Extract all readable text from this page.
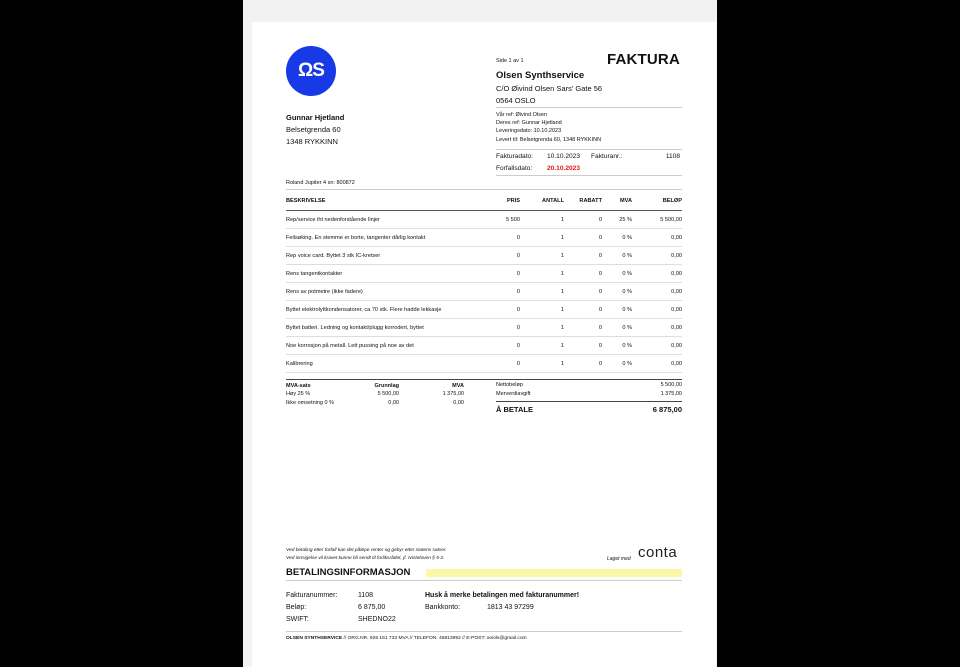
ΩS	Side 1 av 1	FAKTURA
Olsen Synthservice
C/O Øivind Olsen Sars' Gate 56
0564 OSLO
Vår ref: Øivind Olsen
Deres ref: Gunnar Hjetland
Leveringsdato: 10.10.2023
Levert til: Belsetgrenda 60, 1348 RYKKINN
Fakturadato: 10.10.2023 Fakturanr.:	1108
Forfallsdato: 20.10.2023
Gunnar Hjetland
Belsetgrenda 60
1348 RYKKINN
Roland Jupiter 4 sn: 800872
BESKRIVELSE	PRIS	ANTALL	RABATT	MVA	BELØP
Rep/service iht nedenforstående linjer	5 500	1	0	25 %	5 500,00
Feilsøking. En stemme er borte, tangenter dårlig kontakt	0	1	0	0 %	0,00
Rep voice card. Byttet 3 stk IC-kretser	0	1	0	0 %	0,00
Rens tangentkontakter	0	1	0	0 %	0,00
Rens av potmetre (ikke fadere)	0	1	0	0 %	0,00
Byttet elektrolyttkondensatorer, ca 70 stk. Flere hadde lekkasje	0	1	0	0 %	0,00
Byttet batteri. Ledning og kontakt/plugg korrodert, byttet	0	1	0	0 %	0,00
Noe korrosjon på metall. Lett pussing på noe av det	0	1	0	0 %	0,00
Kalibrering	0	1	0	0 %	0,00
MVA-sats	Grunnlag	MVA
Høy 25 %	5 500,00	1 375,00
Ikke omsetning 0 %	0,00	0,00
Nettobeløp	5 500,00
Merverdiavgift	1 375,00
Å BETALE	6 875,00
Ved betaling etter forfall kan det påløpe renter og gebyr etter statens satser.
Ved innsigelse vil kravet kunne bli sendt til forliksrådet, jf. tvisteloven § 5-2.	Laget med conta
BETALINGSINFORMASJON
Fakturanummer:	1108
Beløp:	6 875,00
SWIFT:	SHEDNO22
Husk å merke betalingen med fakturanummer!
Bankkonto:	1813 43 97299
OLSEN SYNTHSERVICE // ORG.NR. 926 161 733 MVA // TELEFON: 46813992 // E-POST: oeiols@gmail.com
